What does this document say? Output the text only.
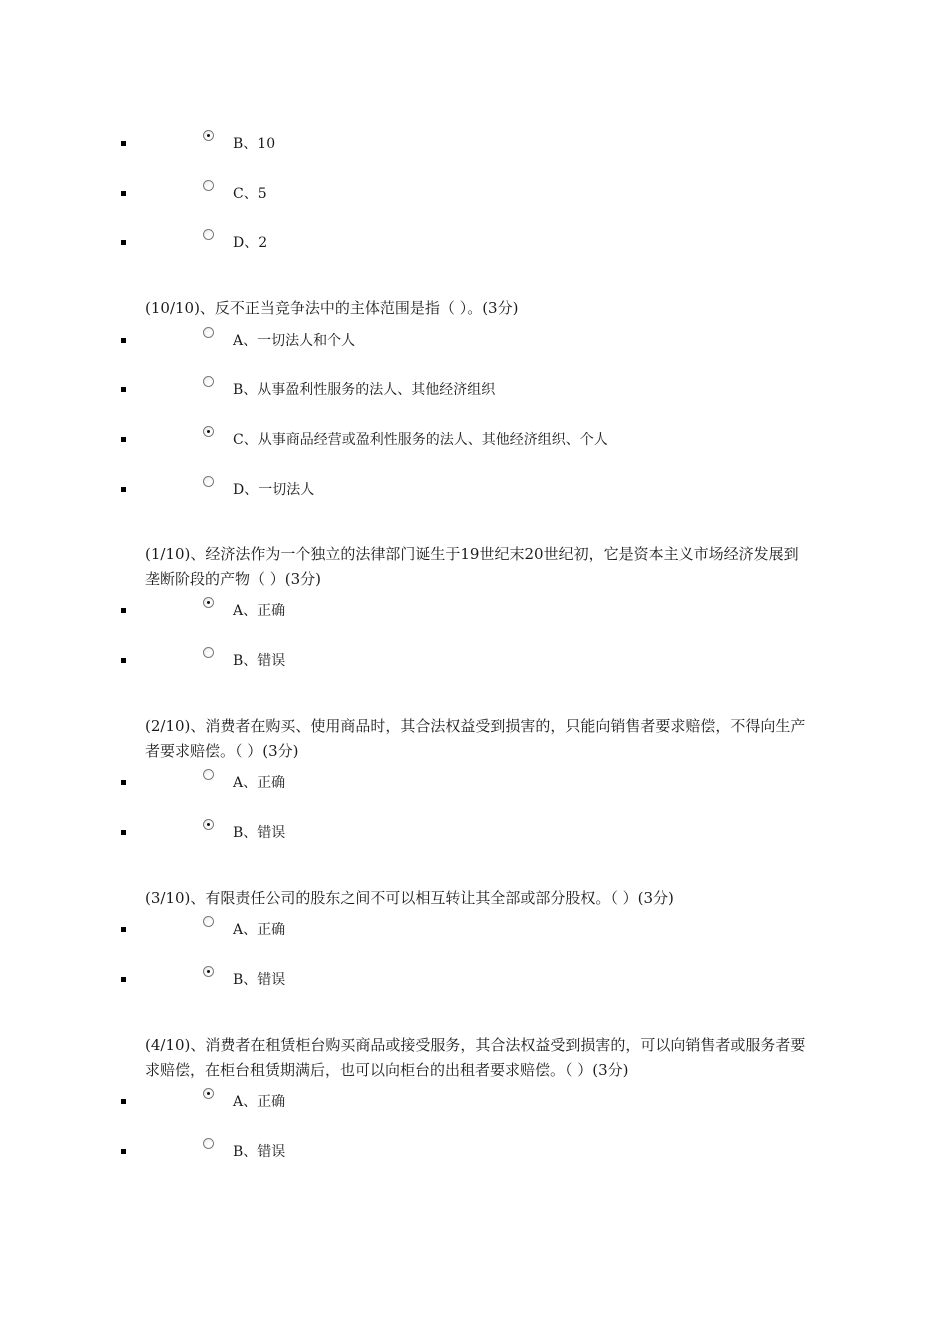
B、10
C、5
D、2
(10/10)、反不正当竞争法中的主体范围是指（ ）。(3分)
A、一切法人和个人
B、从事盈利性服务的法人、其他经济组织
C、从事商品经营或盈利性服务的法人、其他经济组织、个人
D、一切法人
(1/10)、经济法作为一个独立的法律部门诞生于19世纪末20世纪初，它是资本主义市场经济发展到垄断阶段的产物（ ）(3分)
A、正确
B、错误
(2/10)、消费者在购买、使用商品时，其合法权益受到损害的，只能向销售者要求赔偿，不得向生产者要求赔偿。（ ）(3分)
A、正确
B、错误
(3/10)、有限责任公司的股东之间不可以相互转让其全部或部分股权。（ ）(3分)
A、正确
B、错误
(4/10)、消费者在租赁柜台购买商品或接受服务，其合法权益受到损害的，可以向销售者或服务者要求赔偿，在柜台租赁期满后，也可以向柜台的出租者要求赔偿。（ ）(3分)
A、正确
B、错误
